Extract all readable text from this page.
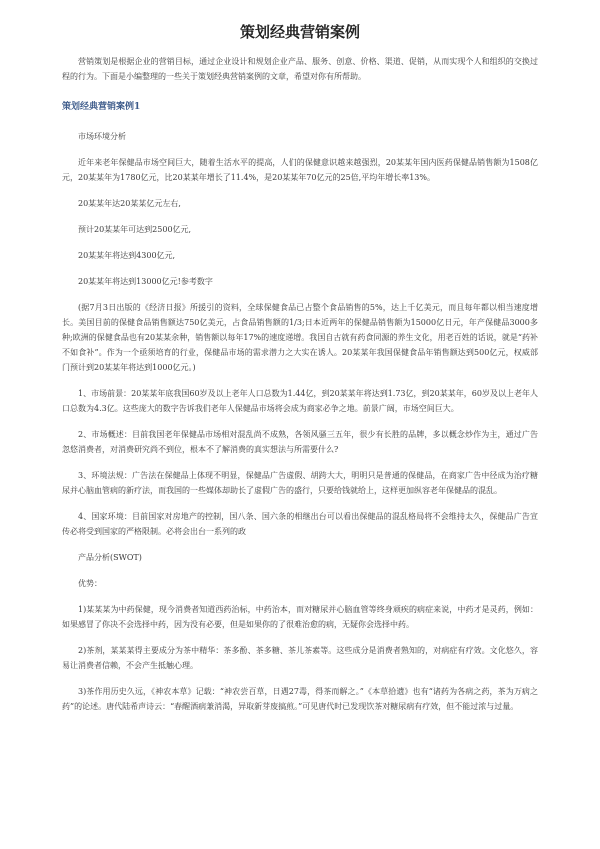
策划经典营销案例

营销策划是根据企业的营销目标，通过企业设计和规划企业产品、服务、创意、价格、渠道、促销，从而实现个人和组织的交换过程的行为。下面是小编整理的一些关于策划经典营销案例的文章，希望对你有所帮助。

策划经典营销案例1

市场环境分析

近年来老年保健品市场空间巨大，随着生活水平的提高，人们的保健意识越来越强烈，20某某年国内医药保健品销售额为1508亿元，20某某年为1780亿元，比20某某年增长了11.4%，是20某某年70亿元的25倍,平均年增长率13%。

20某某年达20某某亿元左右,

预计20某某年可达到2500亿元,

20某某年将达到4300亿元,

20某某年将达到13000亿元!参考数字

(据7月3日出版的《经济日报》所援引的资料，全球保健食品已占整个食品销售的5%，达上千亿美元，而且每年都以相当速度增长。美国目前的保健食品销售额达750亿美元，占食品销售额的1/3;日本近两年的保健品销售额为15000亿日元，年产保健品3000多种;欧洲的保健食品也有20某某余种，销售额以每年17%的速度递增。我国自古就有药食同源的养生文化，用老百姓的话说，就是“药补不如食补”。作为一个亟须培育的行业，保健品市场的需求潜力之大实在诱人。20某某年我国保健食品年销售额达到500亿元，权威部门预计到20某某年将达到1000亿元。)

1、市场前景：20某某年底我国60岁及以上老年人口总数为1.44亿，到20某某年将达到1.73亿，到20某某年，60岁及以上老年人口总数为4.3亿。这些庞大的数字告诉我们老年人保健品市场将会成为商家必争之地。前景广阔，市场空间巨大。

2、市场概述：目前我国老年保健品市场相对混乱尚不成熟，各领风骚三五年，很少有长胜的品牌，多以概念炒作为主，通过广告忽悠消费者，对消费研究尚不到位，根本不了解消费的真实想法与所需要什么?

3、环境法规：广告法在保健品上体现不明显，保健品广告虚假、胡跨大大，明明只是普通的保健品，在商家广告中径成为治疗糖尿并心脑血管病的新疗法，而我国的一些媒体却助长了虚假广告的盛行，只要给钱就给上，这样更加纵容老年保健品的混乱。

4、国家环境：目前国家对房地产的控制，国八条、国六条的相继出台可以看出保健品的混乱格局将不会维持太久，保健品广告宣传必将受到国家的严格限制。必将会出台一系列的政

产品分析(SWOT)

优势：

1)某某某为中药保健，现今消费者知道西药治标，中药治本，而对糖尿并心脑血管等终身顽疾的病症来说，中药才是灵药，例如：如果感冒了你决不会选择中药，因为没有必要，但是如果你的了很难治愈的病，无疑你会选择中药。

2)茶剂，某某某得主要成分为茶中精华：茶多酚、茶多糖、茶儿茶素等。这些成分是消费者熟知的，对病症有疗效。文化悠久，容易让消费者信赖，不会产生抵触心理。

3)茶作用历史久远，《神农本草》记载：“神农尝百草，日遇27毒，得茶而解之。”《本草拾遗》也有“诸药为各病之药，茶为万病之药”的论述。唐代陆希声诗云：“春醒酒病兼消渴，异取新芽废搞煎。”可见唐代时已发现饮茶对糖尿病有疗效，但不能过浓与过量。
